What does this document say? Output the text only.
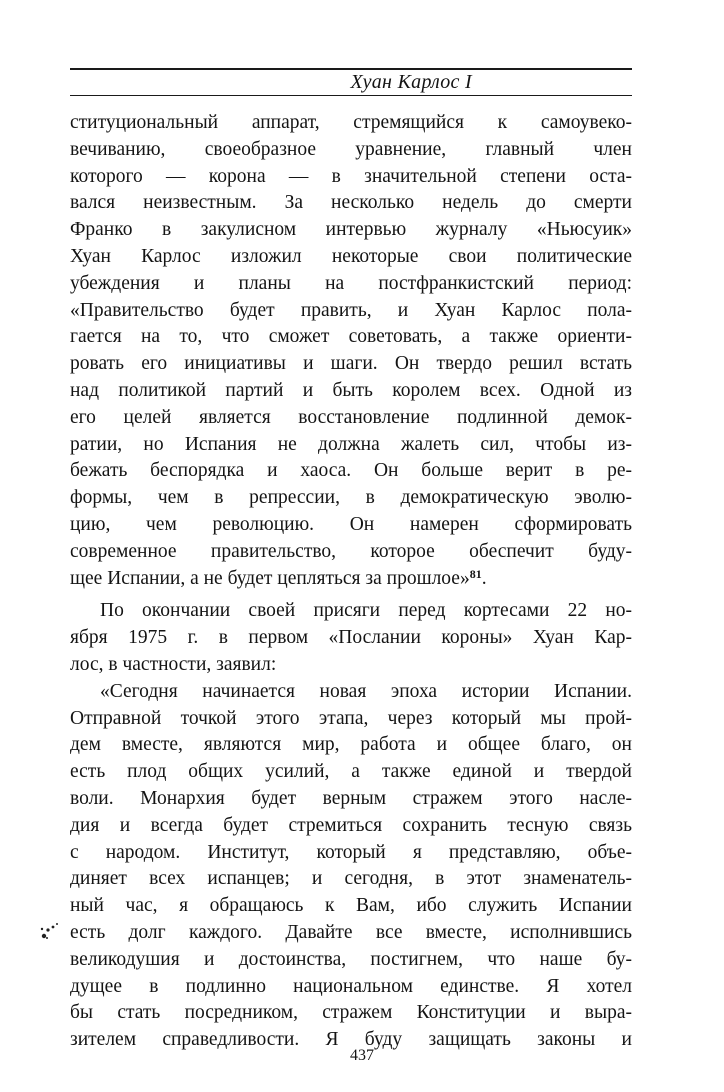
Хуан Карлос I
ституциональный аппарат, стремящийся к самоувеко-
вечиванию, своеобразное уравнение, главный член
которого — корона — в значительной степени оста-
вался неизвестным. За несколько недель до смерти
Франко в закулисном интервью журналу «Ньюсуик»
Хуан Карлос изложил некоторые свои политические
убеждения и планы на постфранкистский период:
«Правительство будет править, и Хуан Карлос пола-
гается на то, что сможет советовать, а также ориенти-
ровать его инициативы и шаги. Он твердо решил встать
над политикой партий и быть королем всех. Одной из
его целей является восстановление подлинной демок-
ратии, но Испания не должна жалеть сил, чтобы из-
бежать беспорядка и хаоса. Он больше верит в ре-
формы, чем в репрессии, в демократическую эволю-
цию, чем революцию. Он намерен сформировать
современное правительство, которое обеспечит буду-
щее Испании, а не будет цепляться за прошлое»$^{81}$.
По окончании своей присяги перед кортесами 22 но-
ября 1975 г. в первом «Послании короны» Хуан Кар-
лос, в частности, заявил:
«Сегодня начинается новая эпоха истории Испании.
Отправной точкой этого этапа, через который мы прой-
дем вместе, являются мир, работа и общее благо, он
есть плод общих усилий, а также единой и твердой
воли. Монархия будет верным стражем этого насле-
дия и всегда будет стремиться сохранить тесную связь
с народом. Институт, который я представляю, объе-
диняет всех испанцев; и сегодня, в этот знаменатель-
ный час, я обращаюсь к Вам, ибо служить Испании
есть долг каждого. Давайте все вместе, исполнившись
великодушия и достоинства, постигнем, что наше бу-
дущее в подлинно национальном единстве. Я хотел
бы стать посредником, стражем Конституции и выра-
зителем справедливости. Я буду защищать законы и
437
